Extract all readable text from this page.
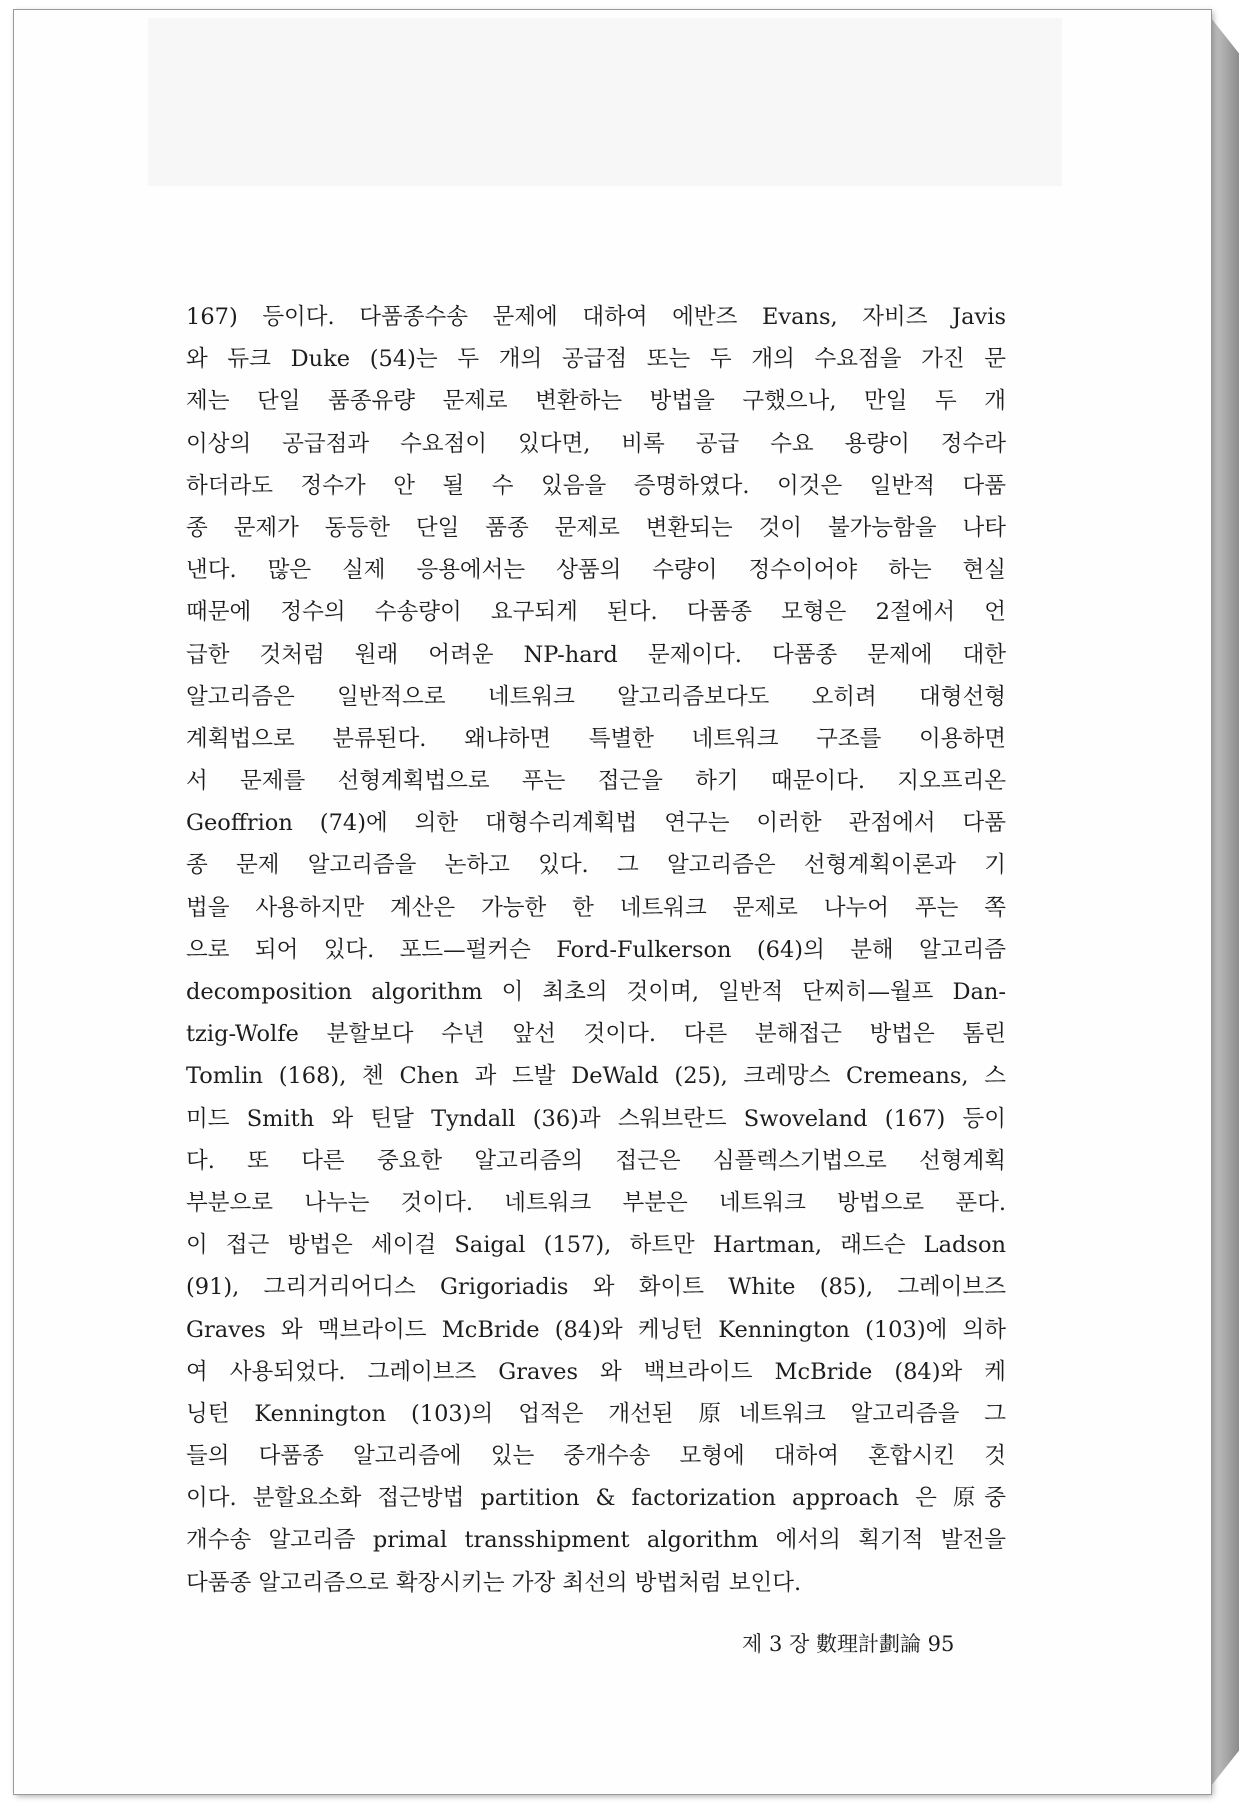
167) 등이다. 다품종수송 문제에 대하여 에반즈 Evans, 자비즈 Javis
와 듀크 Duke (54)는 두 개의 공급점 또는 두 개의 수요점을 가진 문
제는 단일 품종유량 문제로 변환하는 방법을 구했으나, 만일 두 개
이상의 공급점과 수요점이 있다면, 비록 공급 수요 용량이 정수라
하더라도 정수가 안 될 수 있음을 증명하였다. 이것은 일반적 다품
종 문제가 동등한 단일 품종 문제로 변환되는 것이 불가능함을 나타
낸다. 많은 실제 응용에서는 상품의 수량이 정수이어야 하는 현실
때문에 정수의 수송량이 요구되게 된다. 다품종 모형은 2절에서 언
급한 것처럼 원래 어려운 NP-hard 문제이다. 다품종 문제에 대한
알고리즘은 일반적으로 네트워크 알고리즘보다도 오히려 대형선형
계획법으로 분류된다. 왜냐하면 특별한 네트워크 구조를 이용하면
서 문제를 선형계획법으로 푸는 접근을 하기 때문이다. 지오프리온
Geoffrion (74)에 의한 대형수리계획법 연구는 이러한 관점에서 다품
종 문제 알고리즘을 논하고 있다. 그 알고리즘은 선형계획이론과 기
법을 사용하지만 계산은 가능한 한 네트워크 문제로 나누어 푸는 쪽
으로 되어 있다. 포드—펄커슨 Ford-Fulkerson (64)의 분해 알고리즘
decomposition algorithm 이 최초의 것이며, 일반적 단찌히—월프 Dan-
tzig-Wolfe 분할보다 수년 앞선 것이다. 다른 분해접근 방법은 톰린
Tomlin (168), 첸 Chen 과 드발 DeWald (25), 크레망스 Cremeans, 스
미드 Smith 와 틴달 Tyndall (36)과 스워브란드 Swoveland (167) 등이
다. 또 다른 중요한 알고리즘의 접근은 심플렉스기법으로 선형계획
부분으로 나누는 것이다. 네트워크 부분은 네트워크 방법으로 푼다.
이 접근 방법은 세이걸 Saigal (157), 하트만 Hartman, 래드슨 Ladson
(91), 그리거리어디스 Grigoriadis 와 화이트 White (85), 그레이브즈
Graves 와 맥브라이드 McBride (84)와 케닝턴 Kennington (103)에 의하
여 사용되었다. 그레이브즈 Graves 와 백브라이드 McBride (84)와 케
닝턴 Kennington (103)의 업적은 개선된 原네트워크 알고리즘을 그
들의 다품종 알고리즘에 있는 중개수송 모형에 대하여 혼합시킨 것
이다. 분할요소화 접근방법 partition & factorization approach 은 原중
개수송 알고리즘 primal transshipment algorithm 에서의 획기적 발전을
다품종 알고리즘으로 확장시키는 가장 최선의 방법처럼 보인다.
제 3 장 數理計劃論 95
